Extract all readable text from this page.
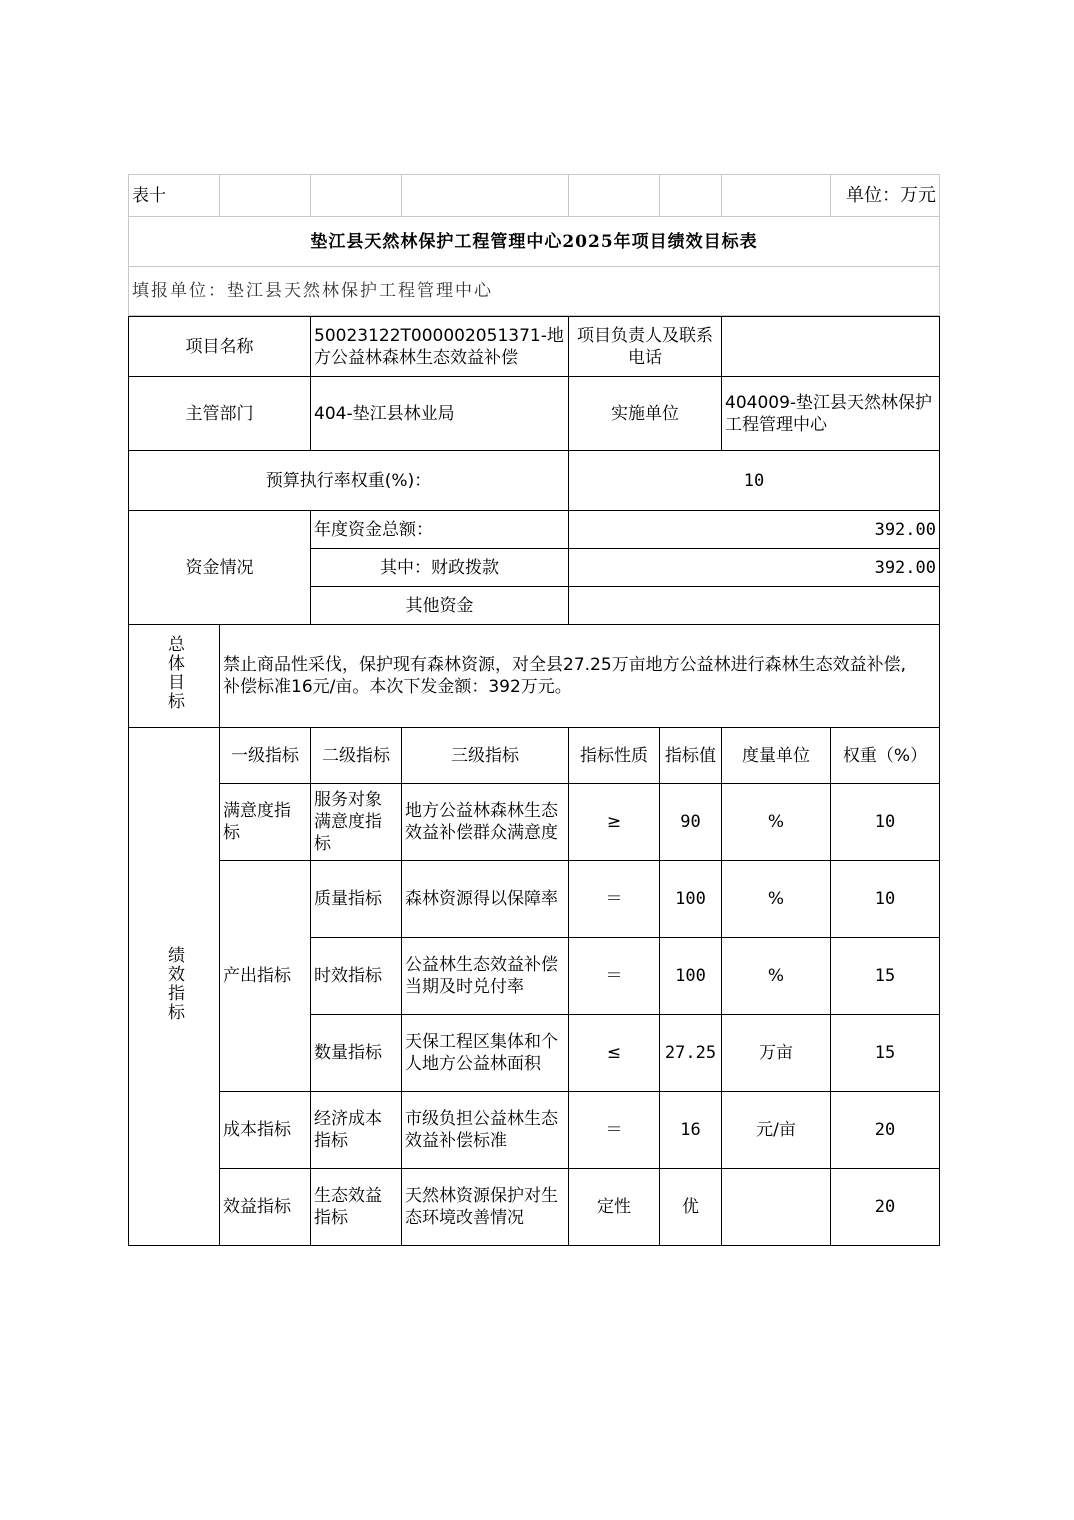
表十							单位：万元
垫江县天然林保护工程管理中心2025年项目绩效目标表
填报单位：垫江县天然林保护工程管理中心
项目名称		50023122T000002051371-地方公益林森林生态效益补偿		项目负责人及联系电话			
主管部门		404-垫江县林业局		实施单位		404009-垫江县天然林保护工程管理中心	
预算执行率权重(%)：				10			
资金情况		年度资金总额：		392.00			
		其中：财政拨款		392.00			
		其他资金					
总体目标	禁止商品性采伐，保护现有森林资源，对全县27.25万亩地方公益林进行森林生态效益补偿,
补偿标准16元/亩。本次下发金额：392万元。						

绩效指标	一级指标	二级指标	三级指标	指标性质	指标值	度量单位	权重（%）
	满意度指标	服务对象满意度指标	地方公益林森林生态效益补偿群众满意度	≥	90	%	10
	产出指标	质量指标	森林资源得以保障率	＝	100	%	10
		时效指标	公益林生态效益补偿当期及时兑付率	＝	100	%	15
		数量指标	天保工程区集体和个人地方公益林面积	≤	27.25	万亩	15
	成本指标	经济成本指标	市级负担公益林生态效益补偿标准	＝	16	元/亩	20
	效益指标	生态效益指标	天然林资源保护对生态环境改善情况	定性	优		20
